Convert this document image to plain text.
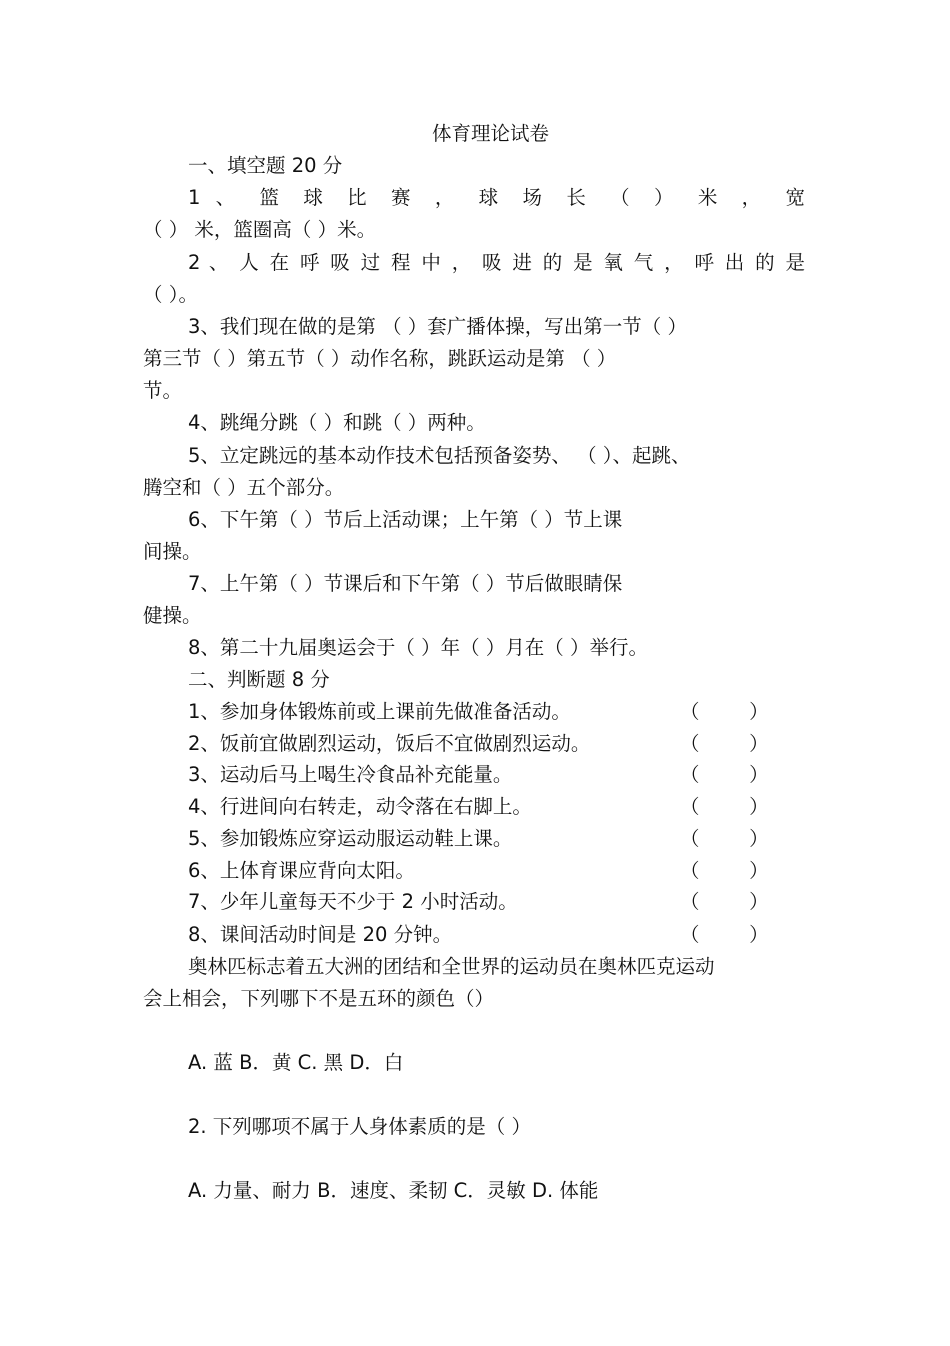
体育理论试卷
一、填空题 20 分
1 、 篮 球 比 赛 ， 球 场 长 （ ） 米 ， 宽
（ ） 米，篮圈高（ ）米。
2 、 人 在 呼 吸 过 程 中 ， 吸 进 的 是 氧 气 ， 呼 出 的 是
（ ）。
3、我们现在做的是第 （ ）套广播体操，写出第一节（ ）
第三节（ ）第五节（ ）动作名称，跳跃运动是第 （ ）
节。
4、跳绳分跳（ ）和跳（ ）两种。
5、立定跳远的基本动作技术包括预备姿势、 （ ）、起跳、
腾空和（ ）五个部分。
6、下午第（ ）节后上活动课；上午第（ ）节上课
间操。
7、上午第（ ）节课后和下午第（ ）节后做眼睛保
健操。
8、第二十九届奥运会于（ ）年（ ）月在（ ）举行。
二、判断题 8 分
1、参加身体锻炼前或上课前先做准备活动。	（        ）
2、饭前宜做剧烈运动，饭后不宜做剧烈运动。	（        ）
3、运动后马上喝生冷食品补充能量。	（        ）
4、行进间向右转走，动令落在右脚上。	（        ）
5、参加锻炼应穿运动服运动鞋上课。	（        ）
6、上体育课应背向太阳。	（        ）
7、少年儿童每天不少于 2 小时活动。	（        ）
8、课间活动时间是 20 分钟。	（        ）
奥林匹标志着五大洲的团结和全世界的运动员在奥林匹克运动
会上相会，下列哪下不是五环的颜色（）
A. 蓝 B．黄 C. 黑 D．白
2. 下列哪项不属于人身体素质的是（ ）
A. 力量、耐力 B．速度、柔韧 C．灵敏 D. 体能
